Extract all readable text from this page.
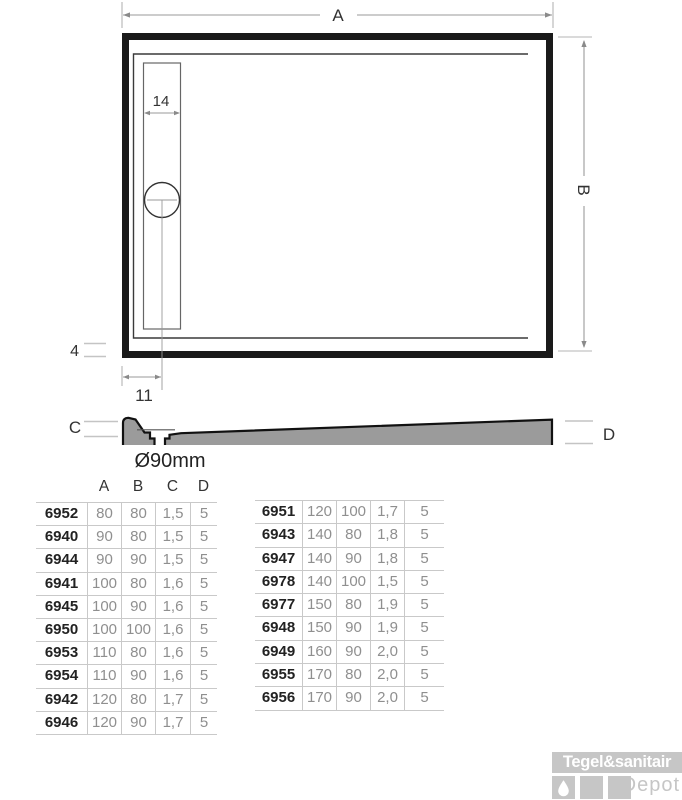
A
14
B
4
11
C	D
Ø90mm
A	B	C	D
6952	80	80	1,5	5
6940	90	80	1,5	5
6944	90	90	1,5	5
6941 100 80	1,6	5
6945 100 90	1,6	5
6950 100 100 1,6	5
6953 110 80	1,6	5
6954 110 90	1,6	5
6942 120 80	1,7	5
6946 120 90	1,7	5
6951 120 100 1,7	5
6943 140 80	1,8	5
6947 140 90	1,8	5
6978 140 100 1,5	5
6977 150 80	1,9	5
6948 150 90	1,9	5
6949 160 90	2,0	5
6955 170 80	2,0	5
6956 170 90	2,0	5
Tegel&sanitair
Depot
